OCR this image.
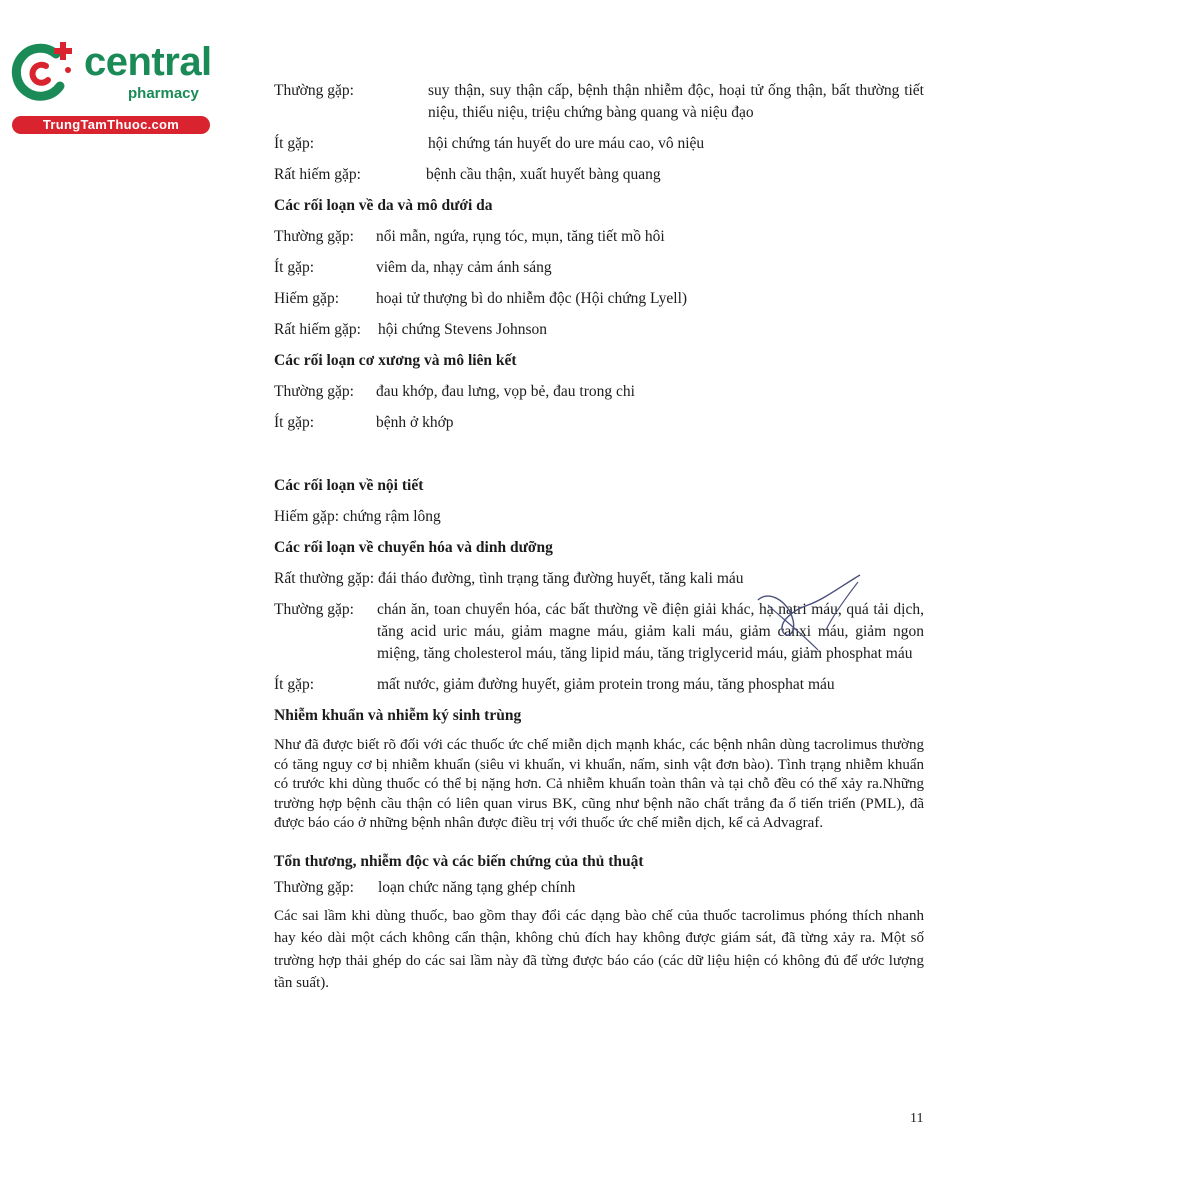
central
pharmacy
TrungTamThuoc.com
Thường gặp:	suy thận, suy thận cấp, bệnh thận nhiễm độc, hoại tử ống thận, bất thường tiết niệu, thiểu niệu, triệu chứng bàng quang và niệu đạo
Ít gặp:	hội chứng tán huyết do ure máu cao, vô niệu
Rất hiếm gặp:	bệnh cầu thận, xuất huyết bàng quang
Các rối loạn về da và mô dưới da
Thường gặp:	nổi mẫn, ngứa, rụng tóc, mụn, tăng tiết mồ hôi
Ít gặp:	viêm da, nhạy cảm ánh sáng
Hiếm gặp:	hoại tử thượng bì do nhiễm độc (Hội chứng Lyell)
Rất hiếm gặp:	hội chứng Stevens Johnson
Các rối loạn cơ xương và mô liên kết
Thường gặp:	đau khớp, đau lưng, vọp bẻ, đau trong chi
Ít gặp:	bệnh ở khớp
Các rối loạn về nội tiết
Hiếm gặp: chứng rậm lông
Các rối loạn về chuyển hóa và dinh dưỡng
Rất thường gặp: đái tháo đường, tình trạng tăng đường huyết, tăng kali máu
Thường gặp:	chán ăn, toan chuyển hóa, các bất thường về điện giải khác, hạ natri máu, quá tải dịch, tăng acid uric máu, giảm magne máu, giảm kali máu, giảm canxi máu, giảm ngon miệng, tăng cholesterol máu, tăng lipid máu, tăng triglycerid máu, giảm phosphat máu
Ít gặp:	mất nước, giảm đường huyết, giảm protein trong máu, tăng phosphat máu
Nhiễm khuẩn và nhiễm ký sinh trùng
Như đã được biết rõ đối với các thuốc ức chế miễn dịch mạnh khác, các bệnh nhân dùng tacrolimus thường có tăng nguy cơ bị nhiễm khuẩn (siêu vi khuẩn, vi khuẩn, nấm, sinh vật đơn bào). Tình trạng nhiễm khuẩn có trước khi dùng thuốc có thể bị nặng hơn. Cả nhiễm khuẩn toàn thân và tại chỗ đều có thể xảy ra.Những trường hợp bệnh cầu thận có liên quan virus BK, cũng như bệnh não chất trắng đa ổ tiến triển (PML), đã được báo cáo ở những bệnh nhân được điều trị với thuốc ức chế miễn dịch, kể cả Advagraf.
Tổn thương, nhiễm độc và các biến chứng của thủ thuật
Thường gặp:	loạn chức năng tạng ghép chính
Các sai lầm khi dùng thuốc, bao gồm thay đổi các dạng bào chế của thuốc tacrolimus phóng thích nhanh hay kéo dài một cách không cẩn thận, không chủ đích hay không được giám sát, đã từng xảy ra. Một số trường hợp thải ghép do các sai lầm này đã từng được báo cáo (các dữ liệu hiện có không đủ để ước lượng tần suất).
11
